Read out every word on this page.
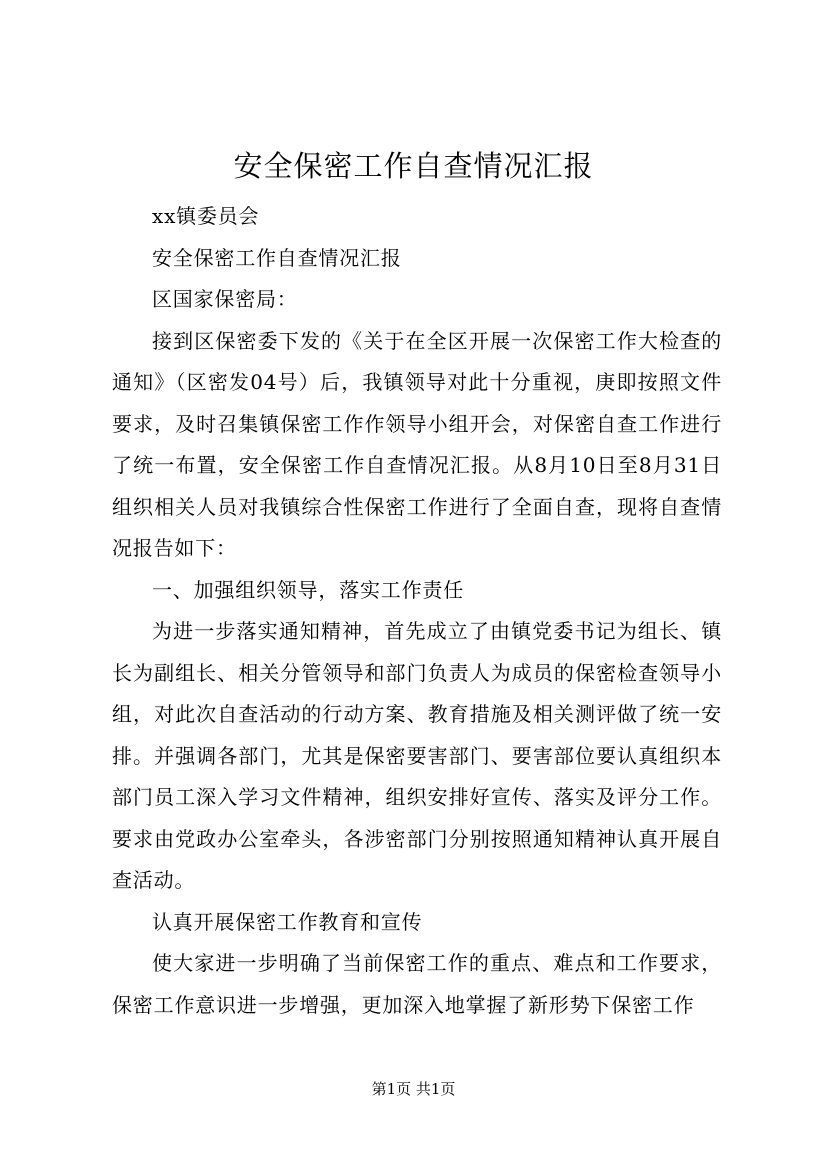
安全保密工作自查情况汇报

xx镇委员会

安全保密工作自查情况汇报

区国家保密局：

接到区保密委下发的《关于在全区开展一次保密工作大检查的通知》（区密发04号）后，我镇领导对此十分重视，庚即按照文件要求，及时召集镇保密工作作领导小组开会，对保密自查工作进行了统一布置，安全保密工作自查情况汇报。从8月10日至8月31日组织相关人员对我镇综合性保密工作进行了全面自查，现将自查情况报告如下：

一、加强组织领导，落实工作责任

为进一步落实通知精神，首先成立了由镇党委书记为组长、镇长为副组长、相关分管领导和部门负责人为成员的保密检查领导小组，对此次自查活动的行动方案、教育措施及相关测评做了统一安排。并强调各部门，尤其是保密要害部门、要害部位要认真组织本部门员工深入学习文件精神，组织安排好宣传、落实及评分工作。要求由党政办公室牵头，各涉密部门分别按照通知精神认真开展自查活动。

认真开展保密工作教育和宣传

使大家进一步明确了当前保密工作的重点、难点和工作要求，保密工作意识进一步增强，更加深入地掌握了新形势下保密工作

第1页 共1页
